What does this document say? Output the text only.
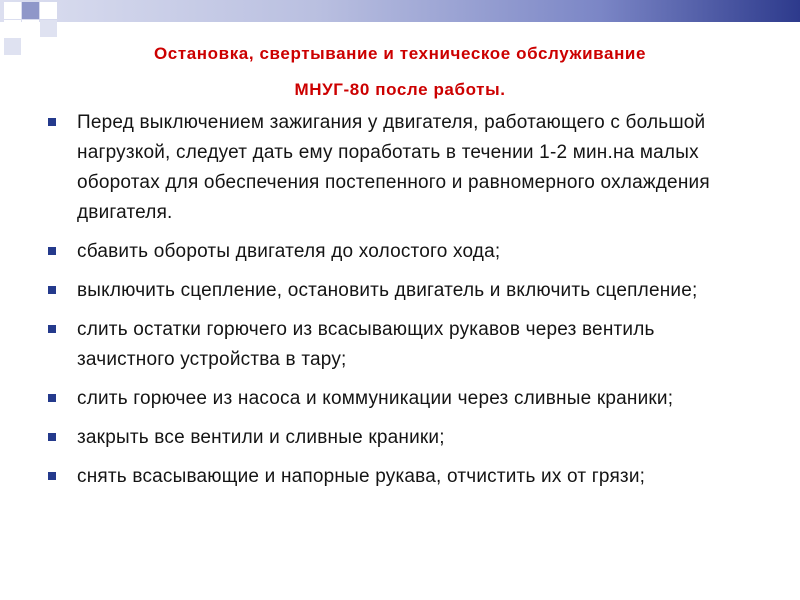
Остановка, свертывание и техническое обслуживание
МНУГ-80 после работы.
Перед выключением зажигания у двигателя, работающего с большой нагрузкой, следует дать ему поработать в течении 1-2 мин.на малых оборотах для обеспечения постепенного и равномерного охлаждения двигателя.
сбавить обороты двигателя до холостого хода;
выключить сцепление, остановить двигатель и включить сцепление;
слить остатки горючего из всасывающих рукавов через вентиль зачистного устройства в тару;
слить горючее из насоса и коммуникации через сливные краники;
закрыть все вентили и сливные краники;
снять всасывающие и напорные рукава, отчистить их от грязи;
